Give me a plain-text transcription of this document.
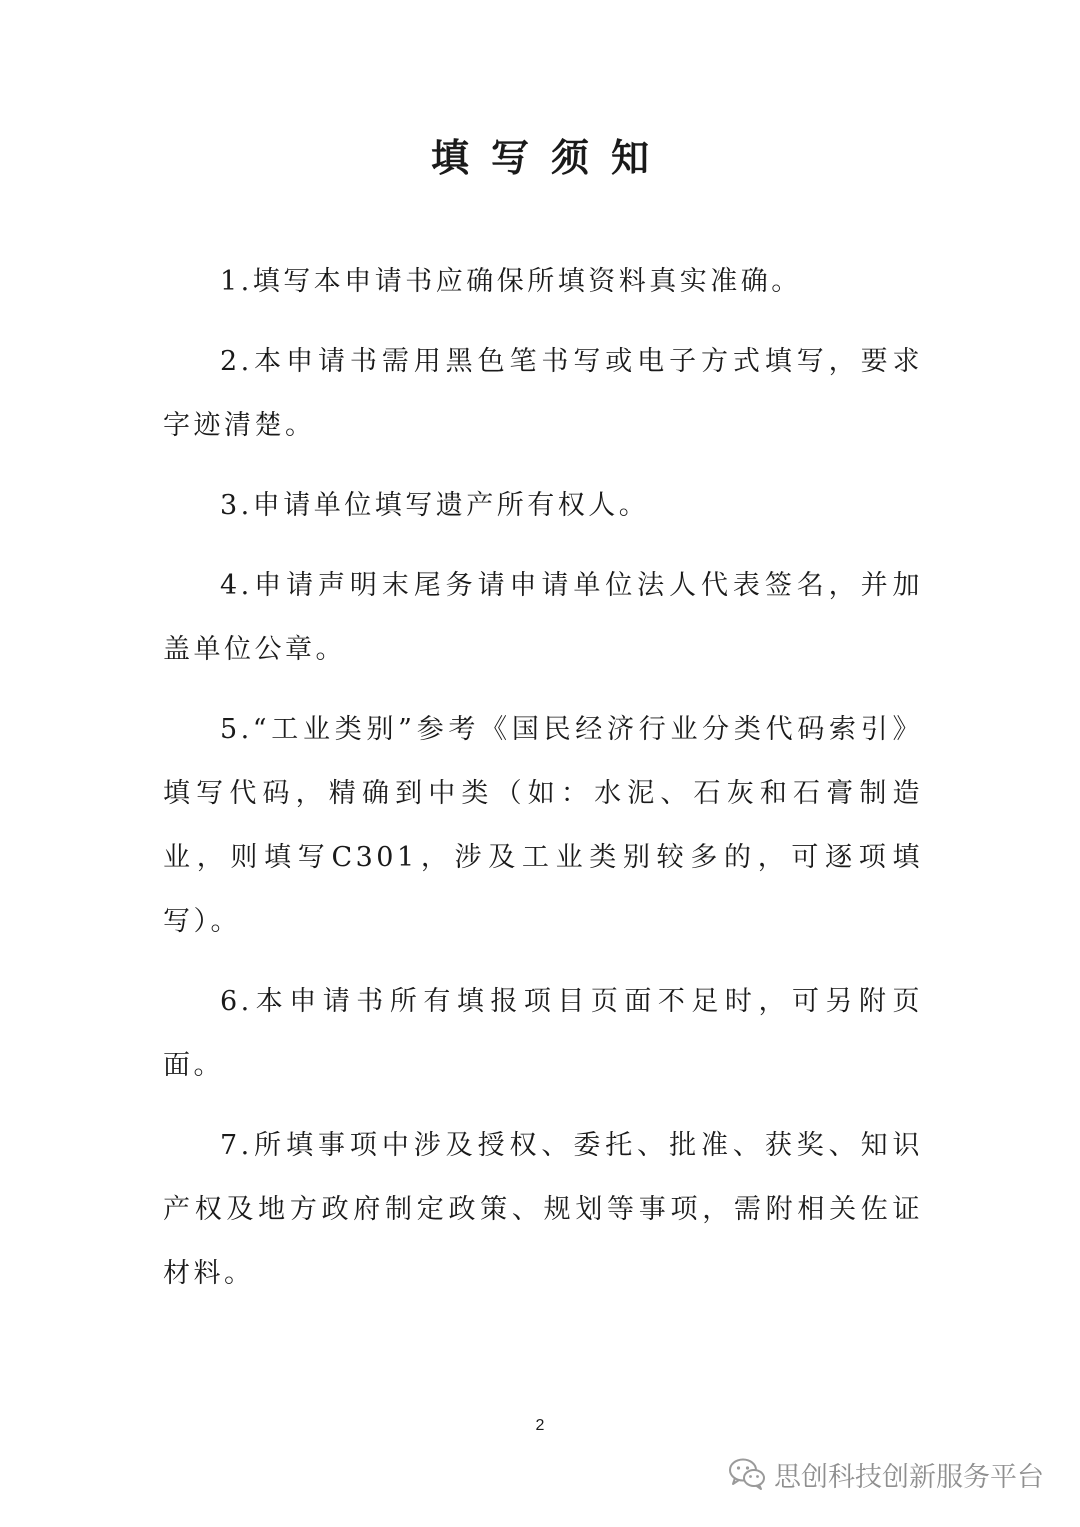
填写须知

1.填写本申请书应确保所填资料真实准确。

2.本申请书需用黑色笔书写或电子方式填写，要求字迹清楚。

3.申请单位填写遗产所有权人。

4.申请声明末尾务请申请单位法人代表签名，并加盖单位公章。

5.“工业类别”参考《国民经济行业分类代码索引》填写代码，精确到中类（如：水泥、石灰和石膏制造业，则填写C301，涉及工业类别较多的，可逐项填写）。

6.本申请书所有填报项目页面不足时，可另附页面。

7.所填事项中涉及授权、委托、批准、获奖、知识产权及地方政府制定政策、规划等事项，需附相关佐证材料。

2
思创科技创新服务平台
